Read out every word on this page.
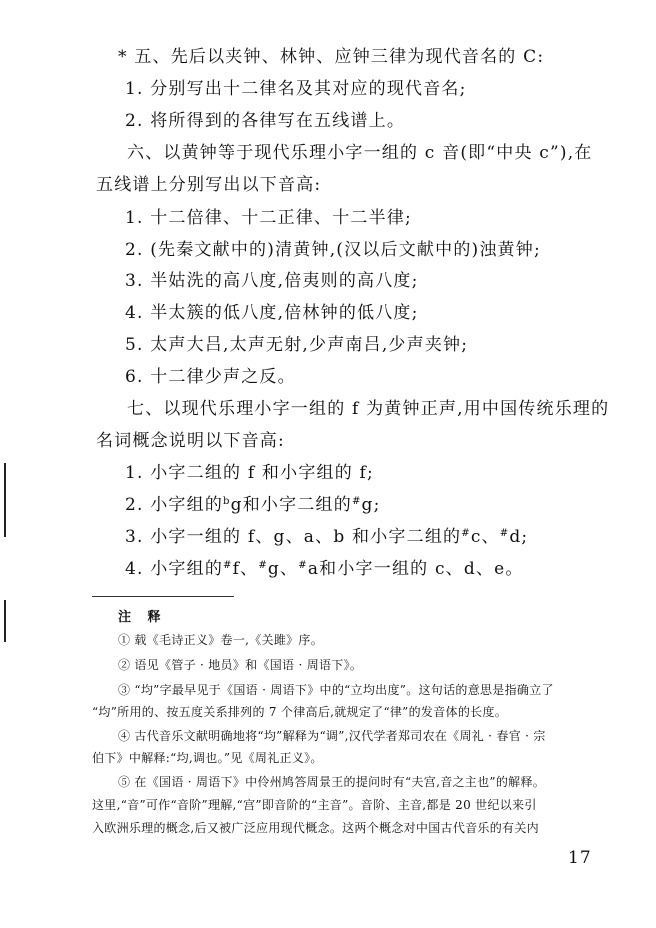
* 五、先后以夹钟、林钟、应钟三律为现代音名的 C:
1. 分别写出十二律名及其对应的现代音名;
2. 将所得到的各律写在五线谱上。
六、以黄钟等于现代乐理小字一组的 c 音(即“中央 c”),在
五线谱上分别写出以下音高:
1. 十二倍律、十二正律、十二半律;
2. (先秦文献中的)清黄钟,(汉以后文献中的)浊黄钟;
3. 半姑洗的高八度,倍夷则的高八度;
4. 半太簇的低八度,倍林钟的低八度;
5. 太声大吕,太声无射,少声南吕,少声夹钟;
6. 十二律少声之反。
七、以现代乐理小字一组的 f 为黄钟正声,用中国传统乐理的
名词概念说明以下音高:
1. 小字二组的 f 和小字组的 f;
2. 小字组的$^b$g和小字二组的#g;
3. 小字一组的 f、g、a、b 和小字二组的#c、#d;
4. 小字组的#f、#g、#a和小字一组的 c、d、e。
注 释
① 载《毛诗正义》卷一,《关雎》序。
② 语见《管子 · 地员》和《国语 · 周语下》。
③ “均”字最早见于《国语 · 周语下》中的“立均出度”。这句话的意思是指确立了
“均”所用的、按五度关系排列的 7 个律高后,就规定了“律”的发音体的长度。
④ 古代音乐文献明确地将“均”解释为“调”,汉代学者郑司农在《周礼 · 春官 · 宗
伯下》中解释:“均,调也。”见《周礼正义》。
⑤ 在《国语 · 周语下》中伶州鸠答周景王的提问时有“夫宫,音之主也”的解释。
这里,“音”可作“音阶”理解,“宫”即音阶的“主音”。音阶、主音,都是 20 世纪以来引
入欧洲乐理的概念,后又被广泛应用现代概念。这两个概念对中国古代音乐的有关内
17
